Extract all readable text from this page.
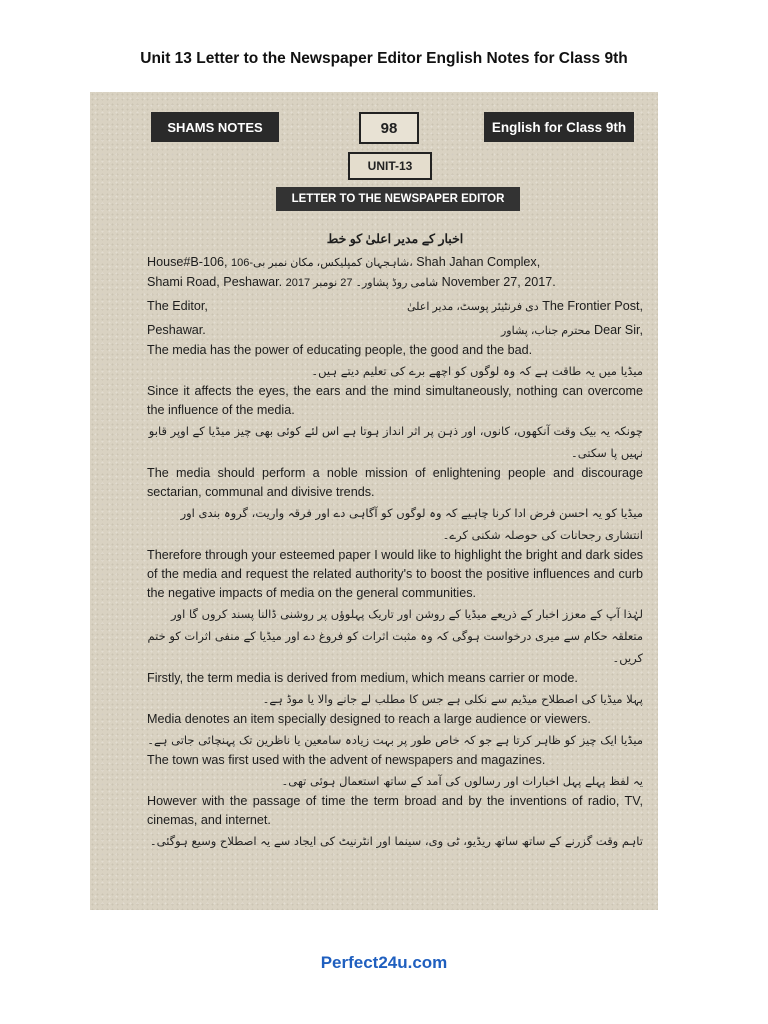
Unit 13 Letter to the Newspaper Editor English Notes for Class 9th
SHAMS NOTES	98	English for Class 9th
UNIT-13
LETTER TO THE NEWSPAPER EDITOR
اخبار کے مدیر اعلیٰ کو خط
House#B-106, شاہجہان کمپلیکس، مکان نمبر بی-106، Shah Jahan Complex,
Shami Road, Peshawar. شامی روڈ پشاور۔ 27 نومبر 2017 November 27, 2017.
The Editor,	دی فرنٹیئر پوسٹ، مدیر اعلیٰ The Frontier Post,
Peshawar.	محترم جناب، پشاور Dear Sir,
The media has the power of educating people, the good and the bad.
میڈیا میں یہ طاقت ہے کہ وہ لوگوں کو اچھے برے کی تعلیم دیتے ہیں۔
Since it affects the eyes, the ears and the mind simultaneously, nothing can overcome the influence of the media.
چونکہ یہ بیک وقت آنکھوں، کانوں، اور ذہن پر اثر انداز ہوتا ہے اس لئے کوئی بھی چیز میڈیا کے اوپر قابو نہیں پا سکتی۔
The media should perform a noble mission of enlightening people and discourage sectarian, communal and divisive trends.
میڈیا کو یہ احسن فرض ادا کرنا چاہیے کہ وہ لوگوں کو آگاہی دے اور فرقہ واریت، گروہ بندی اور انتشاری رجحانات کی حوصلہ شکنی کرے۔
Therefore through your esteemed paper I would like to highlight the bright and dark sides of the media and request the related authority's to boost the positive influences and curb the negative impacts of media on the general communities.
لہٰذا آپ کے معزز اخبار کے ذریعے میڈیا کے روشن اور تاریک پہلوؤں پر روشنی ڈالنا پسند کروں گا اور متعلقہ حکام سے میری درخواست ہوگی کہ وہ مثبت اثرات کو فروغ دے اور میڈیا کے منفی اثرات کو ختم کریں۔
Firstly, the term media is derived from medium, which means carrier or mode.
پہلا میڈیا کی اصطلاح میڈیم سے نکلی ہے جس کا مطلب لے جانے والا یا موڈ ہے۔
Media denotes an item specially designed to reach a large audience or viewers.
میڈیا ایک چیز کو ظاہر کرتا ہے جو کہ خاص طور پر بہت زیادہ سامعین یا ناظرین تک پہنچائی جاتی ہے۔
The town was first used with the advent of newspapers and magazines.
یہ لفظ پہلے پہل اخبارات اور رسالوں کی آمد کے ساتھ استعمال ہوئی تھی۔
However with the passage of time the term broad and by the inventions of radio, TV, cinemas, and internet.
تاہم وقت گزرنے کے ساتھ ساتھ ریڈیو، ٹی وی، سینما اور انٹرنیٹ کی ایجاد سے یہ اصطلاح وسیع ہوگئی۔
Perfect24u.com
